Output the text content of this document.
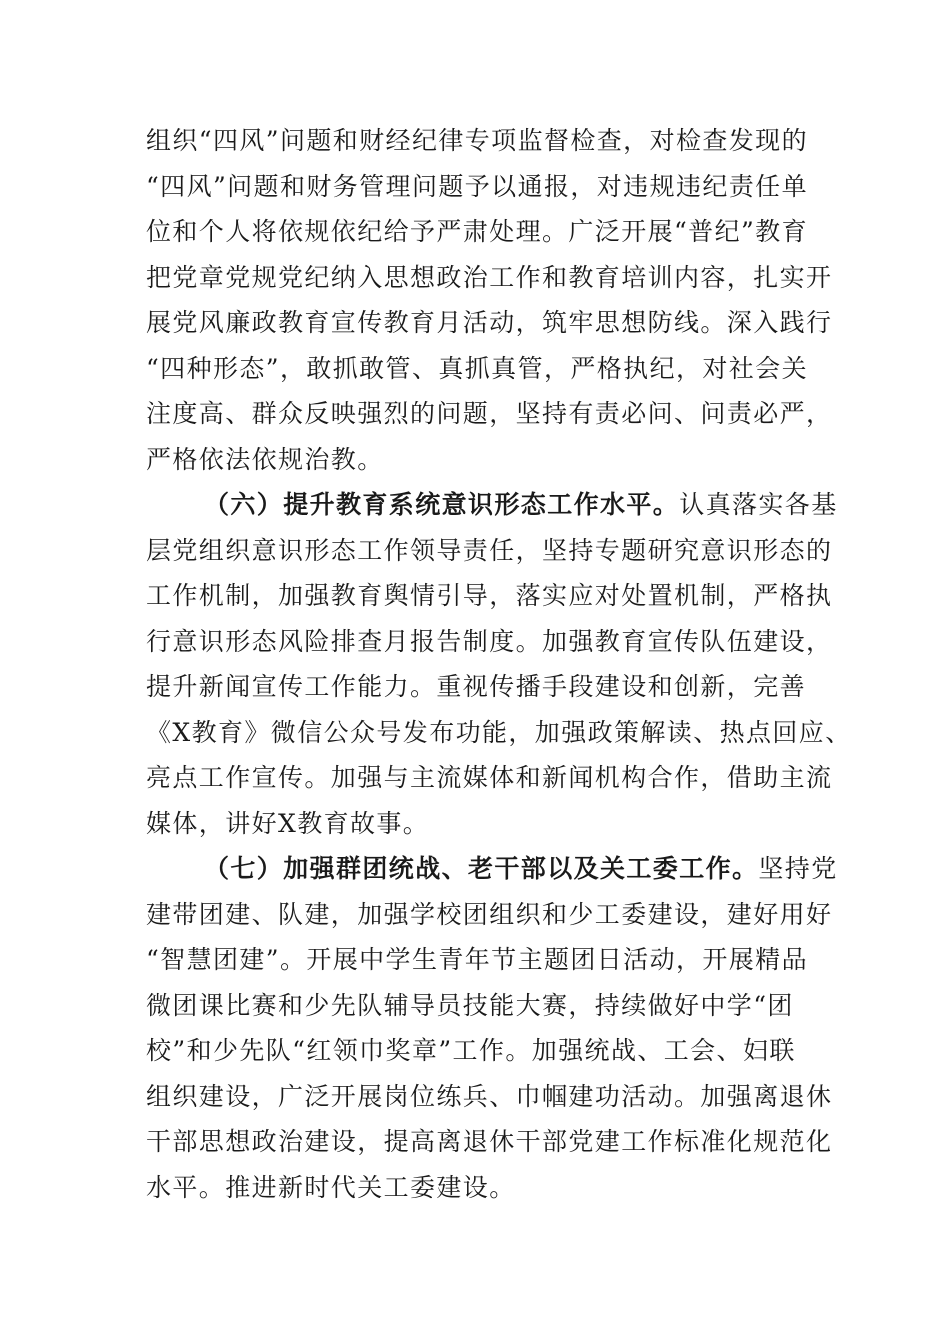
组织“四风”问题和财经纪律专项监督检查，对检查发现的
“四风”问题和财务管理问题予以通报，对违规违纪责任单
位和个人将依规依纪给予严肃处理。广泛开展“普纪”教育
把党章党规党纪纳入思想政治工作和教育培训内容，扎实开
展党风廉政教育宣传教育月活动，筑牢思想防线。深入践行
“四种形态”，敢抓敢管、真抓真管，严格执纪，对社会关
注度高、群众反映强烈的问题，坚持有责必问、问责必严，
严格依法依规治教。
（六）提升教育系统意识形态工作水平。认真落实各基
层党组织意识形态工作领导责任，坚持专题研究意识形态的
工作机制，加强教育舆情引导，落实应对处置机制，严格执
行意识形态风险排查月报告制度。加强教育宣传队伍建设，
提升新闻宣传工作能力。重视传播手段建设和创新，完善
《X教育》微信公众号发布功能，加强政策解读、热点回应、
亮点工作宣传。加强与主流媒体和新闻机构合作，借助主流
媒体，讲好X教育故事。
（七）加强群团统战、老干部以及关工委工作。坚持党
建带团建、队建，加强学校团组织和少工委建设，建好用好
“智慧团建”。开展中学生青年节主题团日活动，开展精品
微团课比赛和少先队辅导员技能大赛，持续做好中学“团
校”和少先队“红领巾奖章”工作。加强统战、工会、妇联
组织建设，广泛开展岗位练兵、巾帼建功活动。加强离退休
干部思想政治建设，提高离退休干部党建工作标准化规范化
水平。推进新时代关工委建设。
